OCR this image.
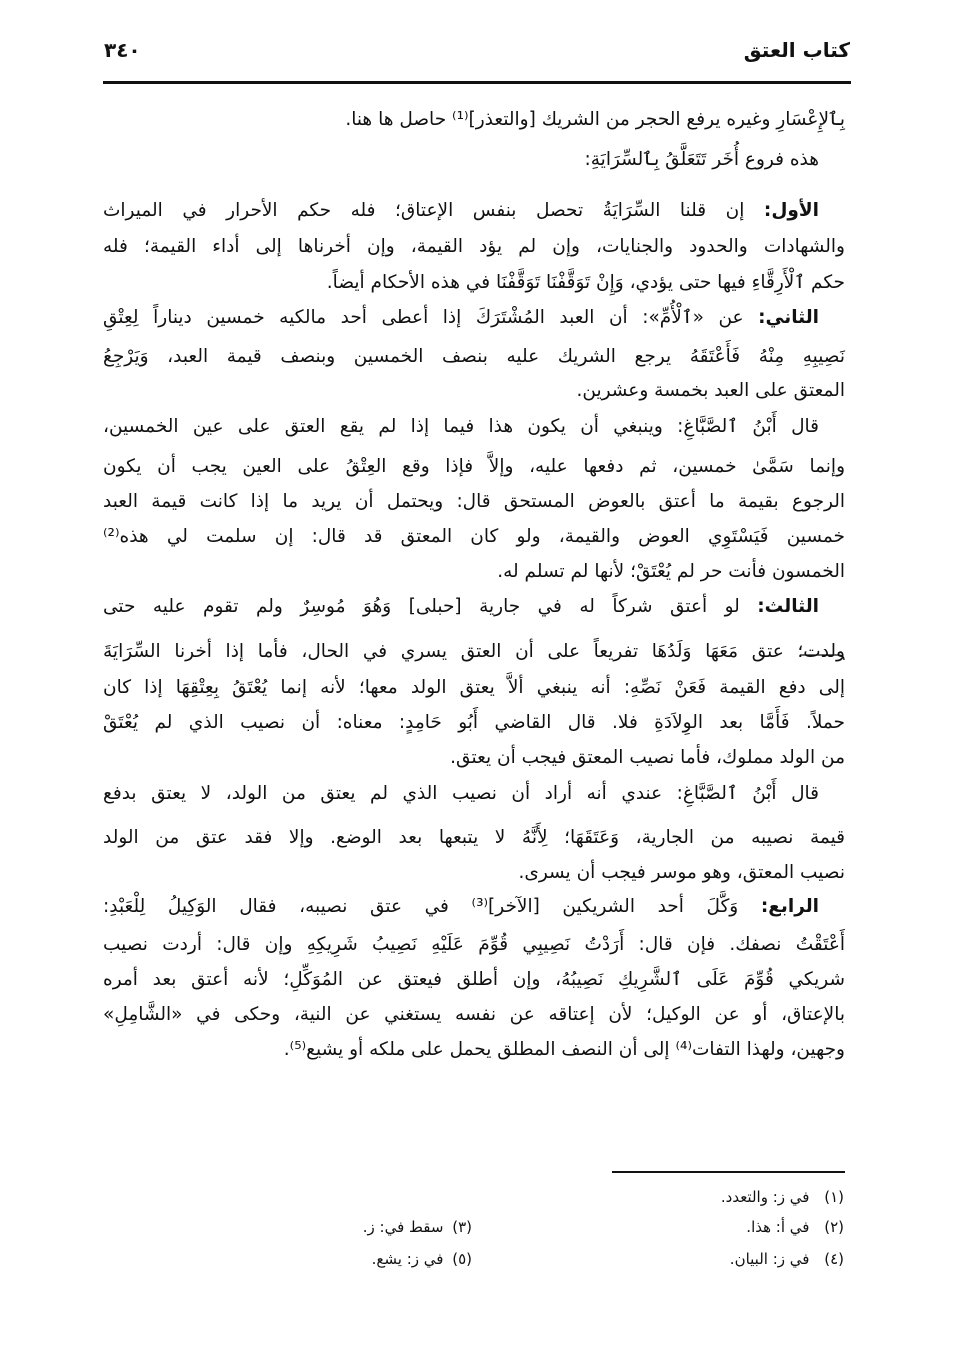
كتاب العتق
٣٤٠
بِٱلإِعْسَارِ وغيره يرفع الحجر من الشريك [والتعذر]⁽¹⁾ حاصل ها هنا.
هذه فروع أُخَر تَتَعَلَّقُ بِٱلسِّرَايَةِ:
الأول: إن قلنا السِّرَايَةُ تحصل بنفس الإعتاق؛ فله حكم الأحرار في الميراث
والشهادات والحدود والجنايات، وإن لم يؤد القيمة، وإن أخرناها إلى أداء القيمة؛ فله
حكم ٱلْأَرِقَّاءِ فيها حتى يؤدي، وَإِنْ تَوَقَّفْنَا تَوَقَّفْنَا في هذه الأحكام أيضاً.
الثاني: عن «ٱلْأُمِّ»: أن العبد المُشْتَرَكَ إذا أعطى أحد مالكيه خمسين ديناراً لِعِتْقِ
نَصِيبِهِ مِنْهُ فَأَعْتَقَهُ يرجع الشريك عليه بنصف الخمسين وبنصف قيمة العبد، وَيَرْجِعُ
المعتق على العبد بخمسة وعشرين.
قال أَبْنُ ٱلصَّبَّاغِ: وينبغي أن يكون هذا فيما إذا لم يقع العتق على عين الخمسين،
وإنما سَمَّىٰ خمسين، ثم دفعها عليه، وإلاَّ فإذا وقع العِتْقُ على العين يجب أن يكون
الرجوع بقيمة ما أعتق بالعوض المستحق قال: ويحتمل أن يريد ما إذا كانت قيمة العبد
خمسين فَيَسْتَوِي العوض والقيمة، ولو كان المعتق قد قال: إن سلمت لي هذه⁽²⁾
الخمسون فأنت حر لم يُعْتَقْ؛ لأنها لم تسلم له.
الثالث: لو أعتق شركاً له في جارية [حبلى] وَهُوَ مُوسِرٌ ولم تقوم عليه حتى
ولدت؛ عتق مَعَهَا وَلَدُهَا تفريعاً على أن العتق يسري في الحال، فأما إذا أخرنا السِّرَايَةَ
إلى دفع القيمة فَعَنْ نَصِّهِ: أنه ينبغي ألاَّ يعتق الولد معها؛ لأنه إنما يُعْتَقُ بِعِتْقِهَا إذا كان
حملاً. فَأَمَّا بعد الوِلاَدَةِ فلا. قال القاضي أَبُو حَامِدٍ: معناه: أن نصيب الذي لم يُعْتَقْ
من الولد مملوك، فأما نصيب المعتق فيجب أن يعتق.
قال أَبْنُ ٱلصَّبَّاغِ: عندي أنه أراد أن نصيب الذي لم يعتق من الولد، لا يعتق بدفع
قيمة نصيبه من الجارية، وَعَتَقَهَا؛ لِأَنَّهُ لا يتبعها بعد الوضع. وإلا فقد عتق من الولد
نصيب المعتق، وهو موسر فيجب أن يسرى.
الرابع: وَكَّلَ أحد الشريكين [الآخر]⁽³⁾ في عتق نصيبه، فقال الوَكِيلُ لِلْعَبْدِ:
أَعْتَقْتُ نصفك. فإن قال: أَرَدْتُ نَصِيبِي قُوِّمَ عَلَيْهِ نَصِيبُ شَرِيكِهِ وإن قال: أردت نصيب
شريكي قُوِّمَ عَلَى ٱلشَّرِيكِ نَصِيبُهُ، وإن أطلق فيعتق عن المُوَكِّلِ؛ لأنه أعتق بعد أمره
بالإعتاق، أو عن الوكيل؛ لأن إعتاقه عن نفسه يستغني عن النية، وحكى في «الشَّامِلِ»
وجهين، ولهذا التفات⁽⁴⁾ إلى أن النصف المطلق يحمل على ملكه أو يشيع⁽⁵⁾.
(١) في ز: والتعدد.
(٢) في أ: هذا.
(٣) سقط في: ز.
(٤) في ز: البيان.
(٥) في ز: يشع.
